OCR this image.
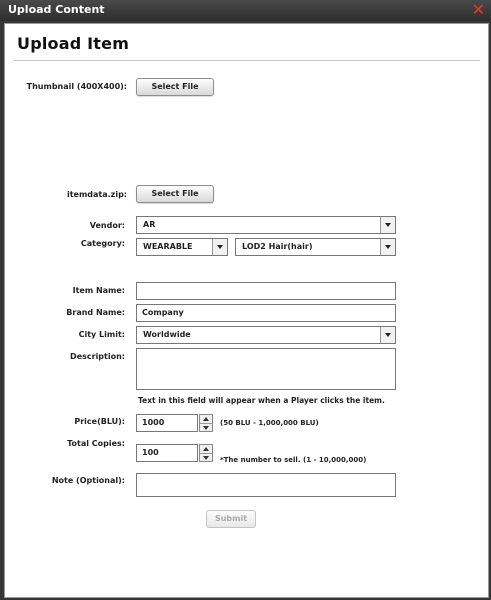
Upload Content	✕
Upload Item
Thumbnail (400X400):	Select File
itemdata.zip:	Select File
Vendor: AR
Category: WEARABLE	LOD2 Hair(hair)
Item Name:
Brand Name: Company
City Limit: Worldwide
Description:
Text in this field will appear when a Player clicks the item.
Price(BLU): 1000	(50 BLU - 1,000,000 BLU)
Total Copies:
100
*The number to sell. (1 - 10,000,000)
Note (Optional):
Submit
